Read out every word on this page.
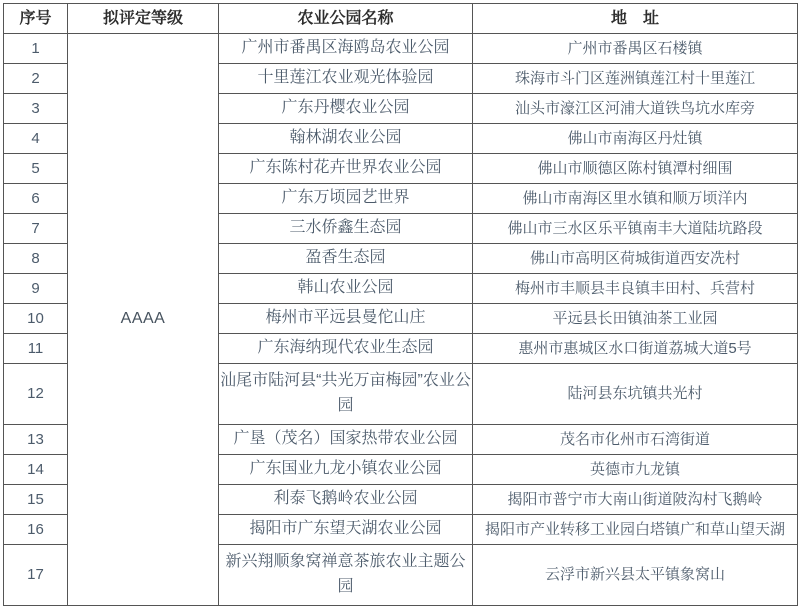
序号	拟评定等级	农业公园名称	地　址
1	AAAA	广州市番禺区海鸥岛农业公园	广州市番禺区石楼镇
2		十里莲江农业观光体验园	珠海市斗门区莲洲镇莲江村十里莲江
3		广东丹樱农业公园	汕头市濠江区河浦大道铁鸟坑水库旁
4		翰林湖农业公园	佛山市南海区丹灶镇
5		广东陈村花卉世界农业公园	佛山市顺德区陈村镇潭村细围
6		广东万顷园艺世界	佛山市南海区里水镇和顺万顷洋内
7		三水侨鑫生态园	佛山市三水区乐平镇南丰大道陆坑路段
8		盈香生态园	佛山市高明区荷城街道西安冼村
9		韩山农业公园	梅州市丰顺县丰良镇丰田村、兵营村
10		梅州市平远县曼佗山庄	平远县长田镇油茶工业园
11		广东海纳现代农业生态园	惠州市惠城区水口街道荔城大道5号
12		汕尾市陆河县“共光万亩梅园”农业公园	陆河县东坑镇共光村
13		广垦（茂名）国家热带农业公园	茂名市化州市石湾街道
14		广东国业九龙小镇农业公园	英德市九龙镇
15		利泰飞鹅岭农业公园	揭阳市普宁市大南山街道陂沟村飞鹅岭
16		揭阳市广东望天湖农业公园	揭阳市产业转移工业园白塔镇广和草山望天湖
17		新兴翔顺象窝禅意茶旅农业主题公园	云浮市新兴县太平镇象窝山
